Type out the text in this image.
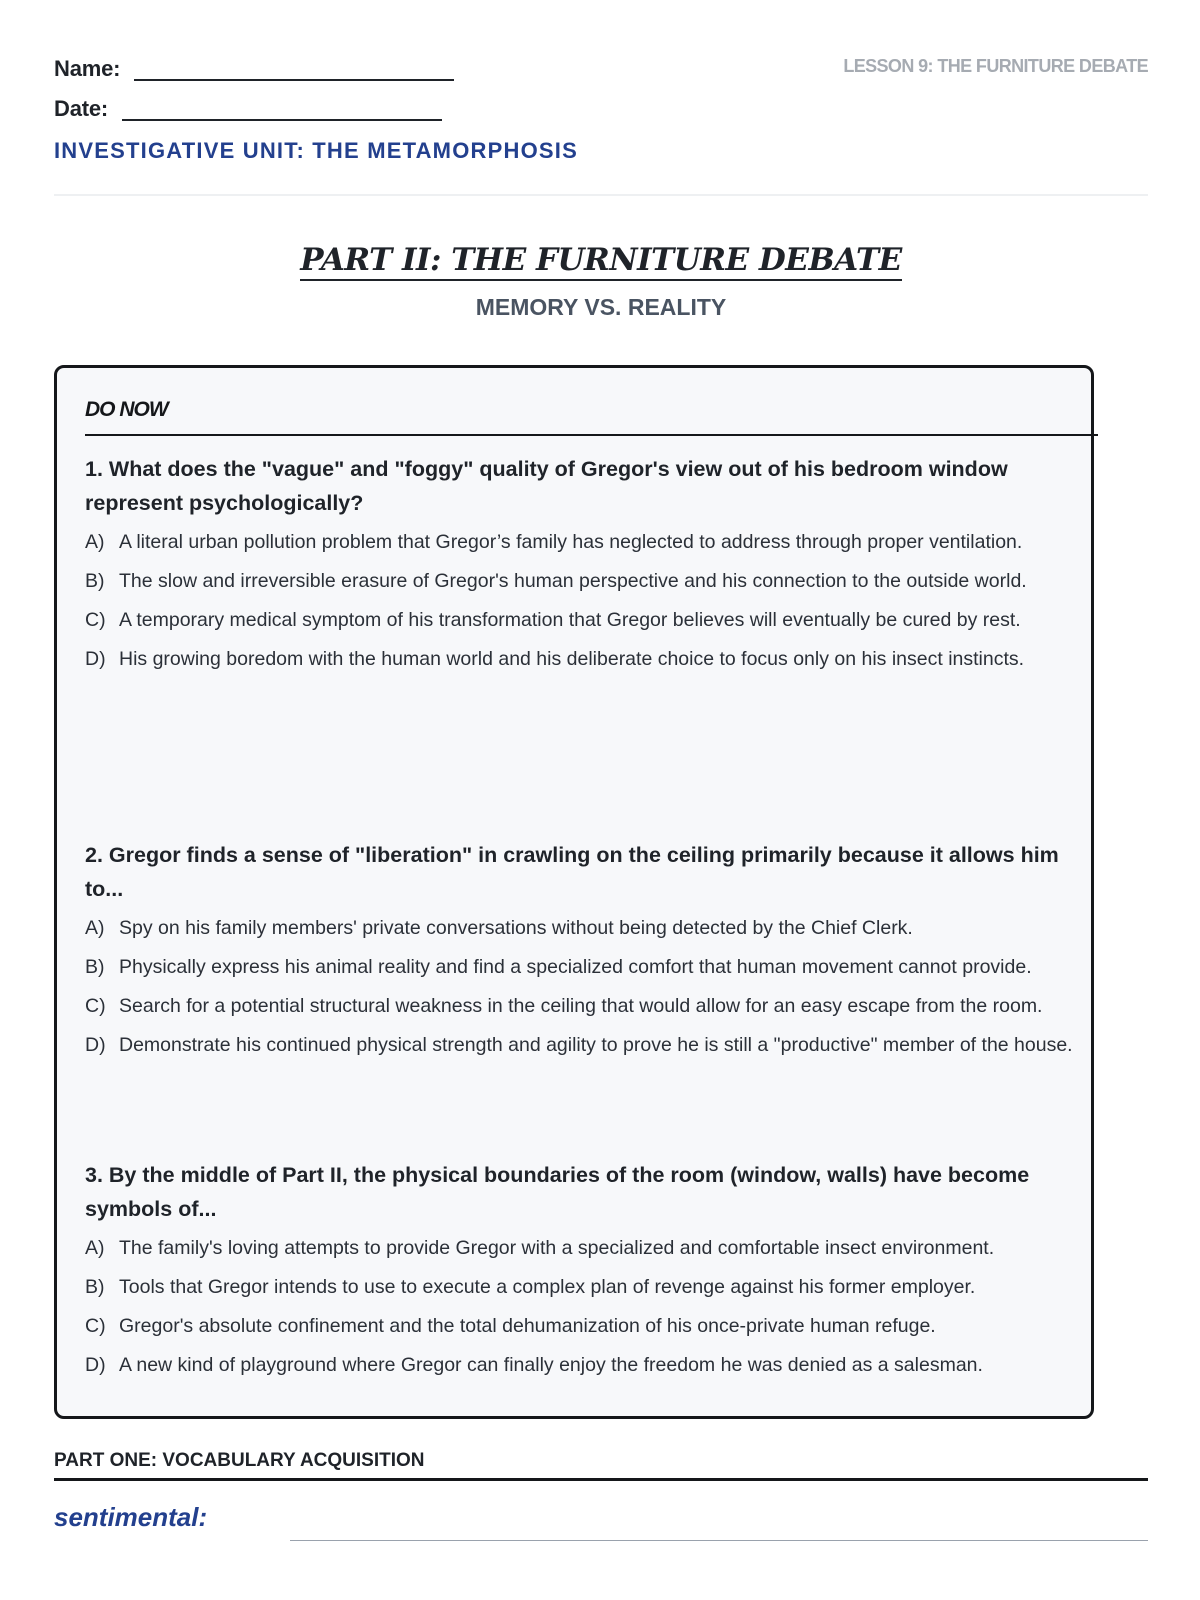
Name:
Date:
LESSON 9: THE FURNITURE DEBATE
INVESTIGATIVE UNIT: THE METAMORPHOSIS
PART II: THE FURNITURE DEBATE
MEMORY VS. REALITY
DO NOW

1. What does the "vague" and "foggy" quality of Gregor's view out of his bedroom window represent psychologically?

A) A literal urban pollution problem that Gregor’s family has neglected to address through proper ventilation.
B) The slow and irreversible erasure of Gregor's human perspective and his connection to the outside world.
C) A temporary medical symptom of his transformation that Gregor believes will eventually be cured by rest.
D) His growing boredom with the human world and his deliberate choice to focus only on his insect instincts.

2. Gregor finds a sense of "liberation" in crawling on the ceiling primarily because it allows him to...

A) Spy on his family members' private conversations without being detected by the Chief Clerk.
B) Physically express his animal reality and find a specialized comfort that human movement cannot provide.
C) Search for a potential structural weakness in the ceiling that would allow for an easy escape from the room.
D) Demonstrate his continued physical strength and agility to prove he is still a "productive" member of the house.

3. By the middle of Part II, the physical boundaries of the room (window, walls) have become symbols of...

A) The family's loving attempts to provide Gregor with a specialized and comfortable insect environment.
B) Tools that Gregor intends to use to execute a complex plan of revenge against his former employer.
C) Gregor's absolute confinement and the total dehumanization of his once-private human refuge.
D) A new kind of playground where Gregor can finally enjoy the freedom he was denied as a salesman.
PART ONE: VOCABULARY ACQUISITION
sentimental:
